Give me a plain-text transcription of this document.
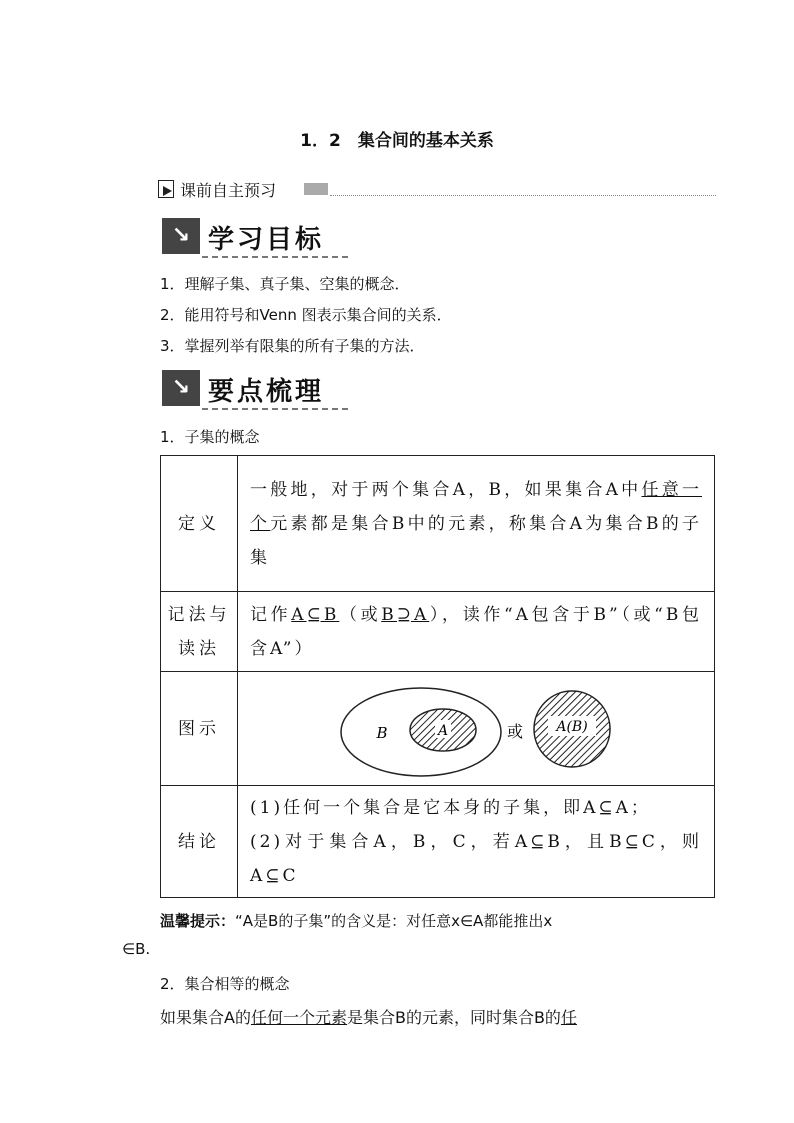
1．2　集合间的基本关系
课前自主预习
↘ 学习目标
1．理解子集、真子集、空集的概念．
2．能用符号和Venn 图表示集合间的关系．
3．掌握列举有限集的所有子集的方法．
↘ 要点梳理
1．子集的概念
定义	一般地，对于两个集合A，B，如果集合A中任意一个元素都是集合B中的元素，称集合A为集合B的子集
记法与读法	记作A⊆B（或B⊇A），读作“A包含于B”（或“B包含A”）
图示	A
B 或 A(B)

结论	(1)任何一个集合是它本身的子集，即A⊆A；
(2)对于集合A，B，C，若A⊆B，且B⊆C，则A⊆C
温馨提示：“A是B的子集”的含义是：对任意x∈A都能推出x
∈B.
2．集合相等的概念
如果集合A的任何一个元素是集合B的元素，同时集合B的任
